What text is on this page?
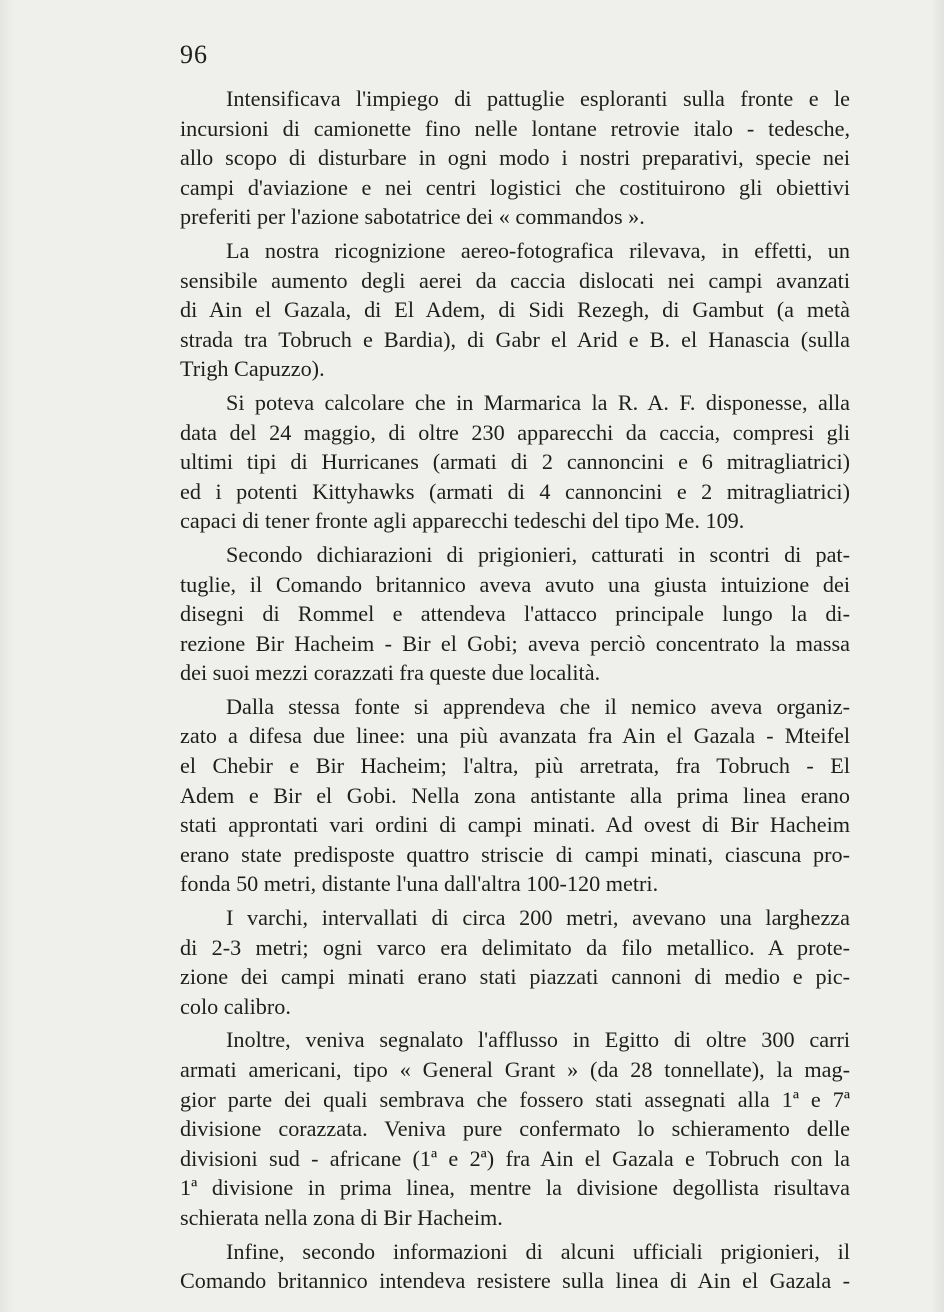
96
Intensificava l'impiego di pattuglie esploranti sulla fronte e le
incursioni di camionette fino nelle lontane retrovie italo - tedesche,
allo scopo di disturbare in ogni modo i nostri preparativi, specie nei
campi d'aviazione e nei centri logistici che costituirono gli obiettivi
preferiti per l'azione sabotatrice dei « commandos ».
La nostra ricognizione aereo-fotografica rilevava, in effetti, un
sensibile aumento degli aerei da caccia dislocati nei campi avanzati
di Ain el Gazala, di El Adem, di Sidi Rezegh, di Gambut (a metà
strada tra Tobruch e Bardia), di Gabr el Arid e B. el Hanascia (sulla
Trigh Capuzzo).
Si poteva calcolare che in Marmarica la R. A. F. disponesse, alla
data del 24 maggio, di oltre 230 apparecchi da caccia, compresi gli
ultimi tipi di Hurricanes (armati di 2 cannoncini e 6 mitragliatrici)
ed i potenti Kittyhawks (armati di 4 cannoncini e 2 mitragliatrici)
capaci di tener fronte agli apparecchi tedeschi del tipo Me. 109.
Secondo dichiarazioni di prigionieri, catturati in scontri di pat-
tuglie, il Comando britannico aveva avuto una giusta intuizione dei
disegni di Rommel e attendeva l'attacco principale lungo la di-
rezione Bir Hacheim - Bir el Gobi; aveva perciò concentrato la massa
dei suoi mezzi corazzati fra queste due località.
Dalla stessa fonte si apprendeva che il nemico aveva organiz-
zato a difesa due linee: una più avanzata fra Ain el Gazala - Mteifel
el Chebir e Bir Hacheim; l'altra, più arretrata, fra Tobruch - El
Adem e Bir el Gobi. Nella zona antistante alla prima linea erano
stati approntati vari ordini di campi minati. Ad ovest di Bir Hacheim
erano state predisposte quattro striscie di campi minati, ciascuna pro-
fonda 50 metri, distante l'una dall'altra 100-120 metri.
I varchi, intervallati di circa 200 metri, avevano una larghezza
di 2-3 metri; ogni varco era delimitato da filo metallico. A prote-
zione dei campi minati erano stati piazzati cannoni di medio e pic-
colo calibro.
Inoltre, veniva segnalato l'afflusso in Egitto di oltre 300 carri
armati americani, tipo « General Grant » (da 28 tonnellate), la mag-
gior parte dei quali sembrava che fossero stati assegnati alla 1ª e 7ª
divisione corazzata. Veniva pure confermato lo schieramento delle
divisioni sud - africane (1ª e 2ª) fra Ain el Gazala e Tobruch con la
1ª divisione in prima linea, mentre la divisione degollista risultava
schierata nella zona di Bir Hacheim.
Infine, secondo informazioni di alcuni ufficiali prigionieri, il
Comando britannico intendeva resistere sulla linea di Ain el Gazala -
